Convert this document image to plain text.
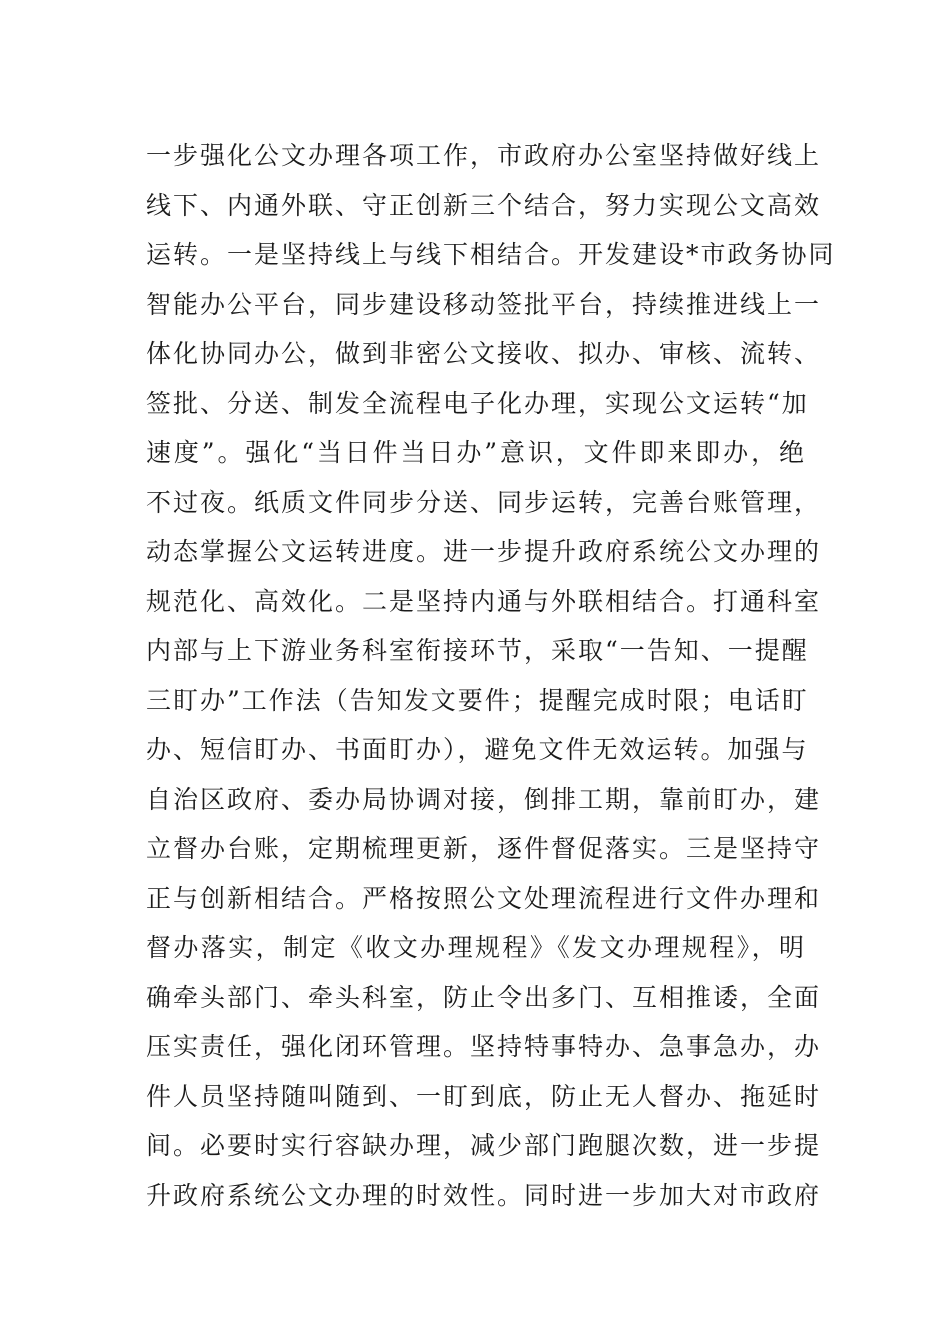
一步强化公文办理各项工作，市政府办公室坚持做好线上
线下、内通外联、守正创新三个结合，努力实现公文高效
运转。一是坚持线上与线下相结合。开发建设*市政务协同
智能办公平台，同步建设移动签批平台，持续推进线上一
体化协同办公，做到非密公文接收、拟办、审核、流转、
签批、分送、制发全流程电子化办理，实现公文运转“加
速度”。强化“当日件当日办”意识，文件即来即办，绝
不过夜。纸质文件同步分送、同步运转，完善台账管理，
动态掌握公文运转进度。进一步提升政府系统公文办理的
规范化、高效化。二是坚持内通与外联相结合。打通科室
内部与上下游业务科室衔接环节，采取“一告知、一提醒
三盯办”工作法（告知发文要件；提醒完成时限；电话盯
办、短信盯办、书面盯办），避免文件无效运转。加强与
自治区政府、委办局协调对接，倒排工期，靠前盯办，建
立督办台账，定期梳理更新，逐件督促落实。三是坚持守
正与创新相结合。严格按照公文处理流程进行文件办理和
督办落实，制定《收文办理规程》《发文办理规程》，明
确牵头部门、牵头科室，防止令出多门、互相推诿，全面
压实责任，强化闭环管理。坚持特事特办、急事急办，办
件人员坚持随叫随到、一盯到底，防止无人督办、拖延时
间。必要时实行容缺办理，减少部门跑腿次数，进一步提
升政府系统公文办理的时效性。同时进一步加大对市政府
